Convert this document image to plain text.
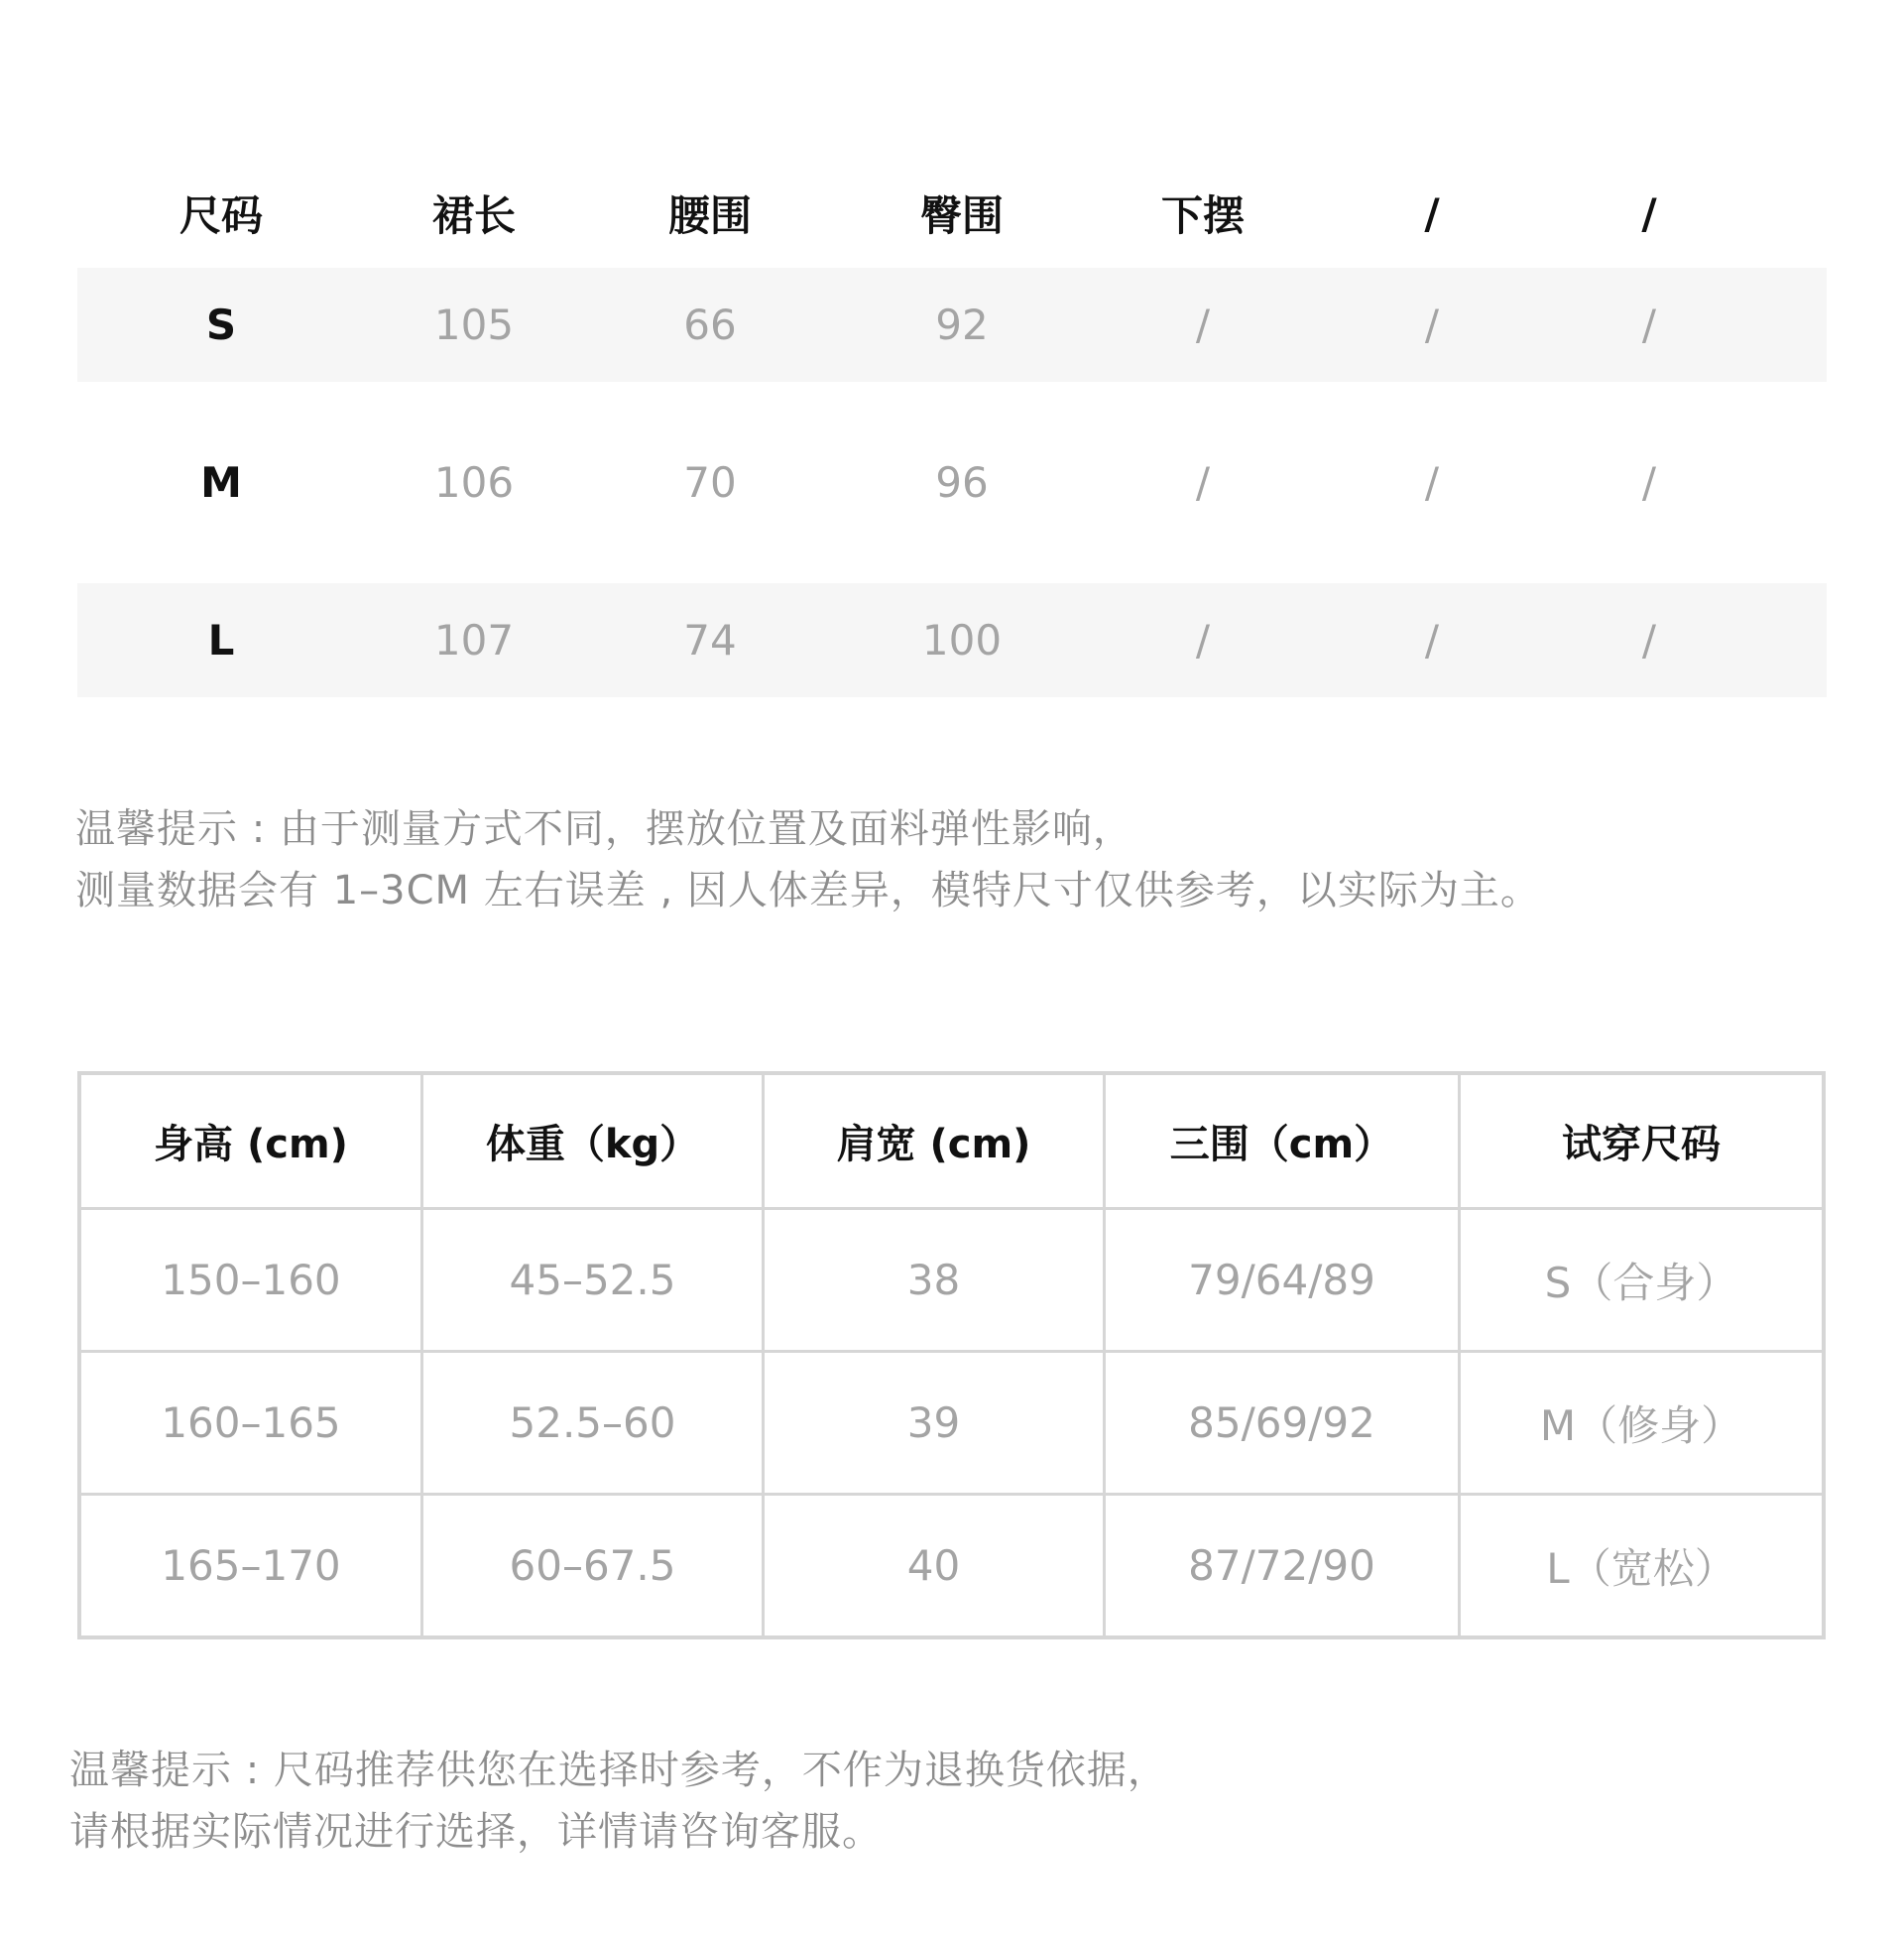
尺码	裙长	腰围	臀围	下摆	/	/
S	105	66	92	/	/	/
M	106	70	96	/	/	/
L	107	74	100	/	/	/
温馨提示 : 由于测量方式不同，摆放位置及面料弹性影响，
测量数据会有 1–3CM 左右误差 , 因人体差异，模特尺寸仅供参考，以实际为主。
身高 (cm)	体重（kg）	肩宽 (cm)	三围（cm）	试穿尺码
150–160	45–52.5	38	79/64/89	S（合身）
160–165	52.5–60	39	85/69/92	M（修身）
165–170	60–67.5	40	87/72/90	L（宽松）
温馨提示 : 尺码推荐供您在选择时参考，不作为退换货依据，
请根据实际情况进行选择，详情请咨询客服。
